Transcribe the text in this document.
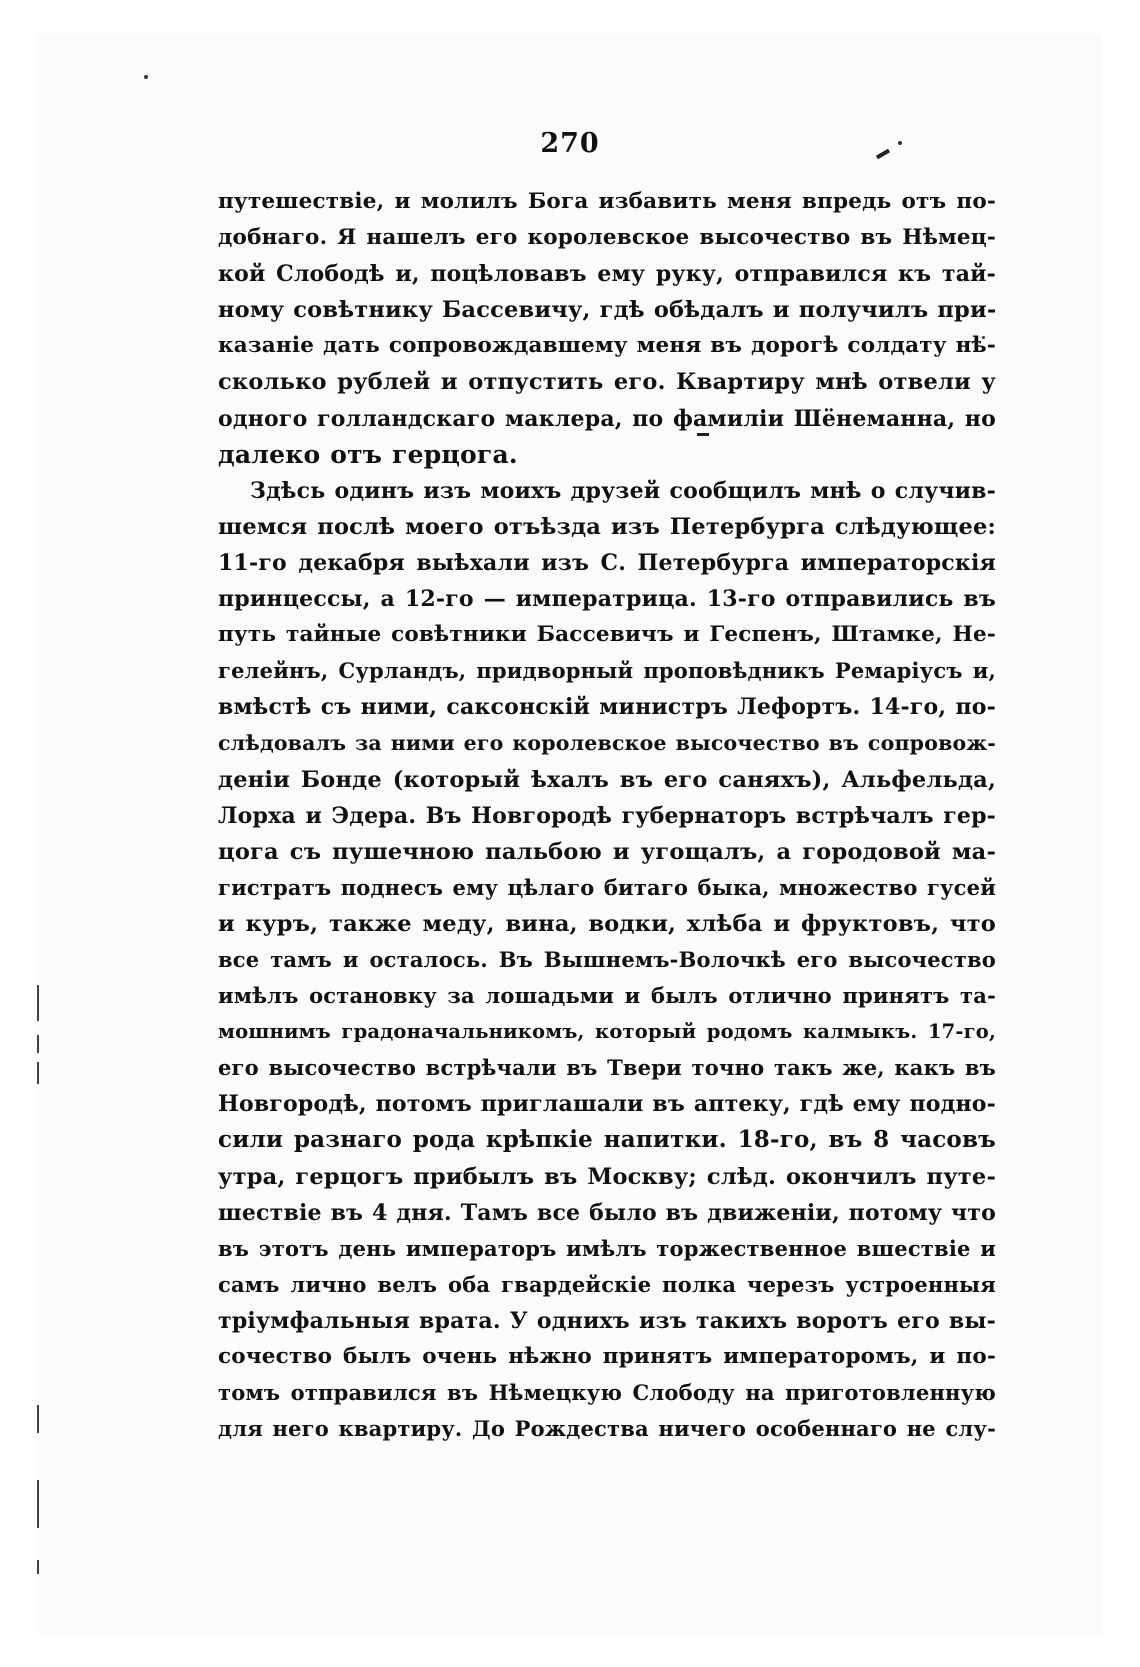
270

путешествіе, и молилъ Бога избавить меня впредь отъ по-
добнаго. Я нашелъ его королевское высочество въ Нѣмец-
кой Слободѣ и, поцѣловавъ ему руку, отправился къ тай-
ному совѣтнику Бассевичу, гдѣ обѣдалъ и получилъ при-
казаніе дать сопровождавшему меня въ дорогѣ солдату нѣ-
сколько рублей и отпустить его. Квартиру мнѣ отвели у
одного голландскаго маклера, по фамиліи Шёнеманна, но
далеко отъ герцога.

Здѣсь одинъ изъ моихъ друзей сообщилъ мнѣ о случив-
шемся послѣ моего отъѣзда изъ Петербурга слѣдующее:
11-го декабря выѣхали изъ С. Петербурга императорскія
принцессы, а 12-го — императрица. 13-го отправились въ
путь тайные совѣтники Бассевичъ и Геспенъ, Штамке, Не-
гелейнъ, Сурландъ, придворный проповѣдникъ Ремаріусъ и,
вмѣстѣ съ ними, саксонскій министръ Лефортъ. 14-го, по-
слѣдовалъ за ними его королевское высочество въ сопровож-
деніи Бонде (который ѣхалъ въ его саняхъ), Альфельда,
Лорха и Эдера. Въ Новгородѣ губернаторъ встрѣчалъ гер-
цога съ пушечною пальбою и угощалъ, а городовой ма-
гистратъ поднесъ ему цѣлаго битаго быка, множество гусей
и куръ, также меду, вина, водки, хлѣба и фруктовъ, что
все тамъ и осталось. Въ Вышнемъ-Волочкѣ его высочество
имѣлъ остановку за лошадьми и былъ отлично принятъ та-
мошнимъ градоначальникомъ, который родомъ калмыкъ. 17-го,
его высочество встрѣчали въ Твери точно такъ же, какъ въ
Новгородѣ, потомъ приглашали въ аптеку, гдѣ ему подно-
сили разнаго рода крѣпкіе напитки. 18-го, въ 8 часовъ
утра, герцогъ прибылъ въ Москву; слѣд. окончилъ путе-
шествіе въ 4 дня. Тамъ все было въ движеніи, потому что
въ этотъ день императоръ имѣлъ торжественное вшествіе и
самъ лично велъ оба гвардейскіе полка черезъ устроенныя
тріумфальныя врата. У однихъ изъ такихъ воротъ его вы-
сочество былъ очень нѣжно принятъ императоромъ, и по-
томъ отправился въ Нѣмецкую Слободу на приготовленную
для него квартиру. До Рождества ничего особеннаго не слу-
